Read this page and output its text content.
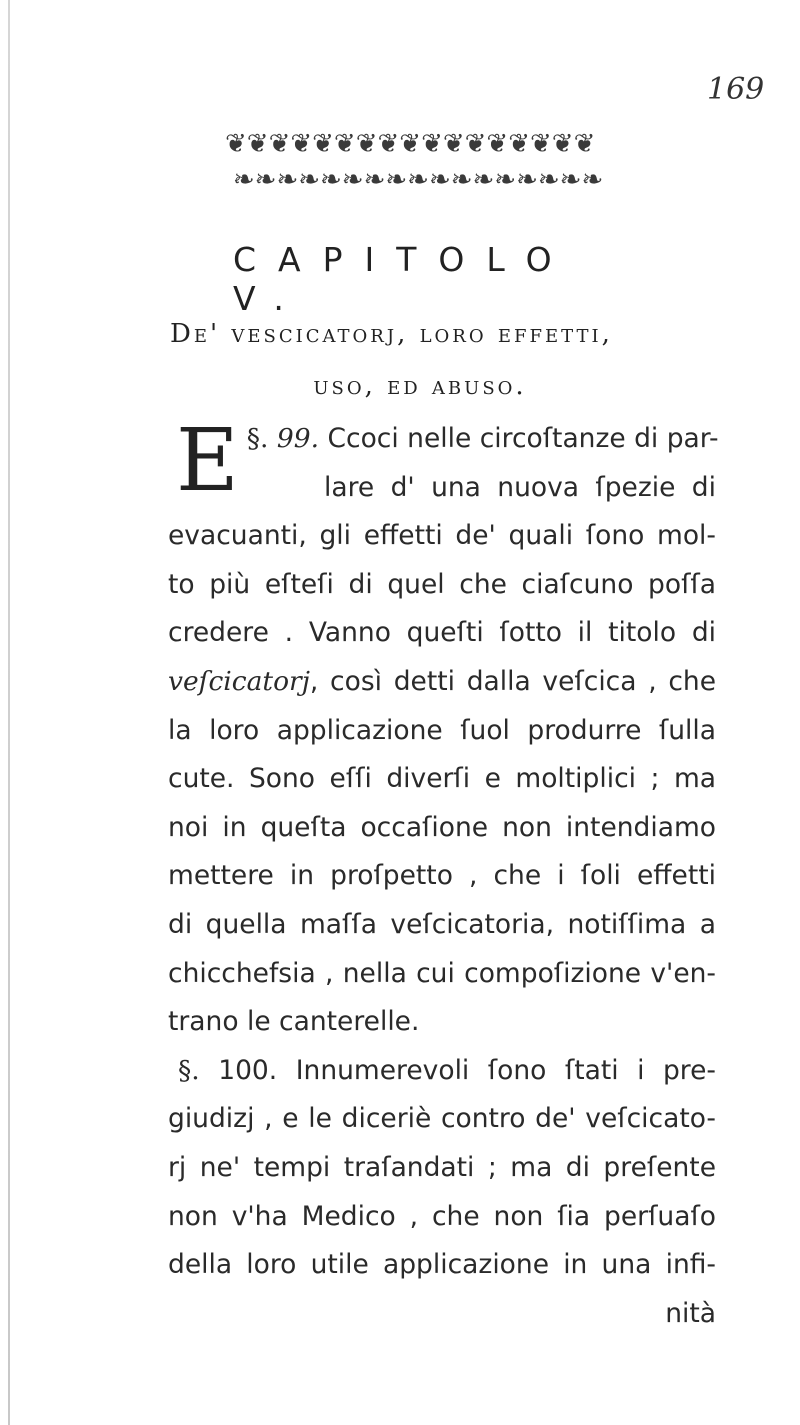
169
❦❦❦❦❦❦❦❦❦❦❦❦❦❦❦❦❦
❧❧❧❧❧❧❧❧❧❧❧❧❧❧❧❧❧
CAPITOLO V.
De' vescicatorj, loro effetti,
uso, ed abuso.
§. 99.
E	Ccoci nelle circoſtanze di par-
lare d' una nuova ſpezie di
evacuanti, gli effetti de' quali ſono mol-
to più eſteſi di quel che ciaſcuno poſſa
credere . Vanno queſti ſotto il titolo di
veſcicatorj, così detti dalla veſcica , che
la loro applicazione ſuol produrre ſulla
cute. Sono eſſi diverſi e moltiplici ; ma
noi in queſta occaſione non intendiamo
mettere in proſpetto , che i ſoli effetti
di quella maſſa veſcicatoria, notiſſima a
chicchefsia , nella cui compoſizione v'en-
trano le canterelle.
§. 100. Innumerevoli ſono ſtati i pre-
giudizj , e le diceriè contro de' veſcicato-
rj ne' tempi traſandati ; ma di preſente
non v'ha Medico , che non ſia perſuaſo
della loro utile applicazione in una infi-
nità
